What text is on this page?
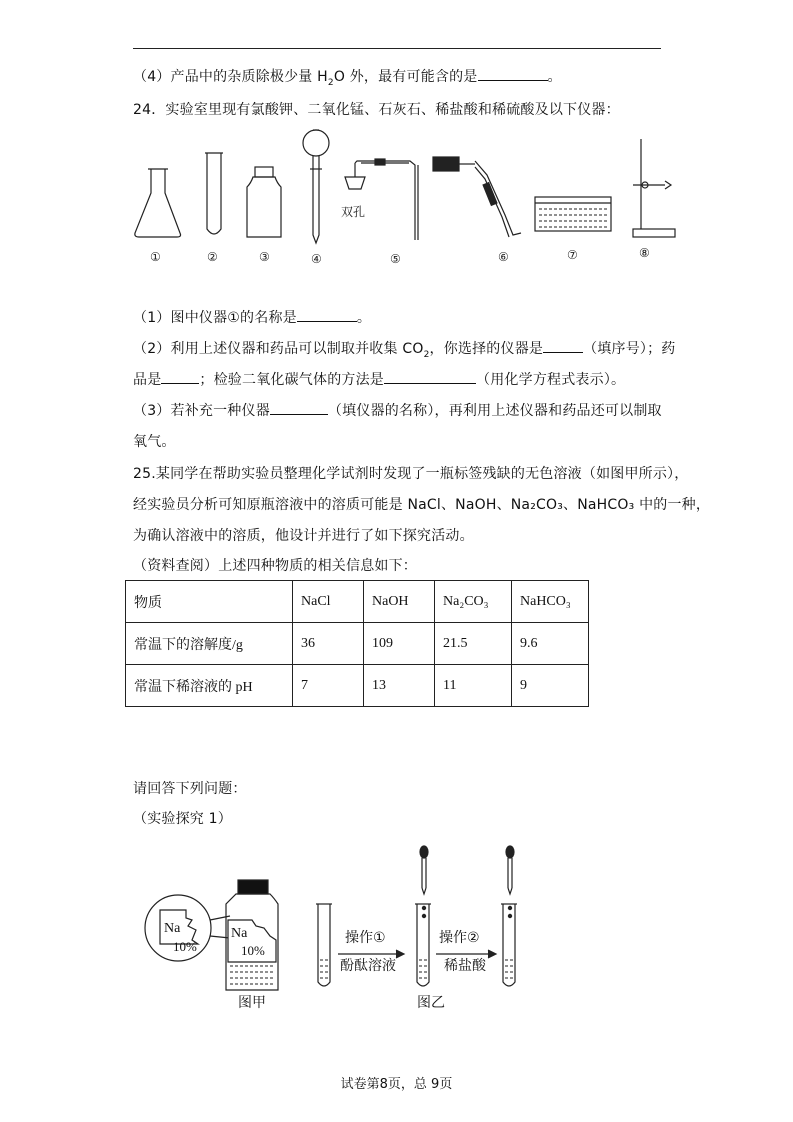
（4）产品中的杂质除极少量 $H_2O$ 外，最有可能含的是	。
24．实验室里现有氯酸钾、二氧化锰、石灰石、稀盐酸和稀硫酸及以下仪器：
双孔
①	②	③	④	⑤	⑥	⑦	⑧
（1）图中仪器①的名称是	。
（2）利用上述仪器和药品可以制取并收集 $CO_2$，你选择的仪器是	（填序号）；药
品是	；检验二氧化碳气体的方法是	（用化学方程式表示）。
（3）若补充一种仪器	（填仪器的名称），再利用上述仪器和药品还可以制取
氧气。
25.某同学在帮助实验员整理化学试剂时发现了一瓶标签残缺的无色溶液（如图甲所示），
经实验员分析可知原瓶溶液中的溶质可能是 NaCl、NaOH、Na₂CO₃、NaHCO₃ 中的一种，
为确认溶液中的溶质，他设计并进行了如下探究活动。
（资料查阅）上述四种物质的相关信息如下：
物质	NaCl	NaOH	Na₂CO₃	NaHCO₃
常温下的溶解度/g	36	109	21.5	9.6
常温下稀溶液的 pH	7	13	11	9
请回答下列问题：
（实验探究 1）
Na
10%
Na
10%
操作①
酚酞溶液
操作②
稀盐酸
图甲	图乙
试卷第8页，总 9页
